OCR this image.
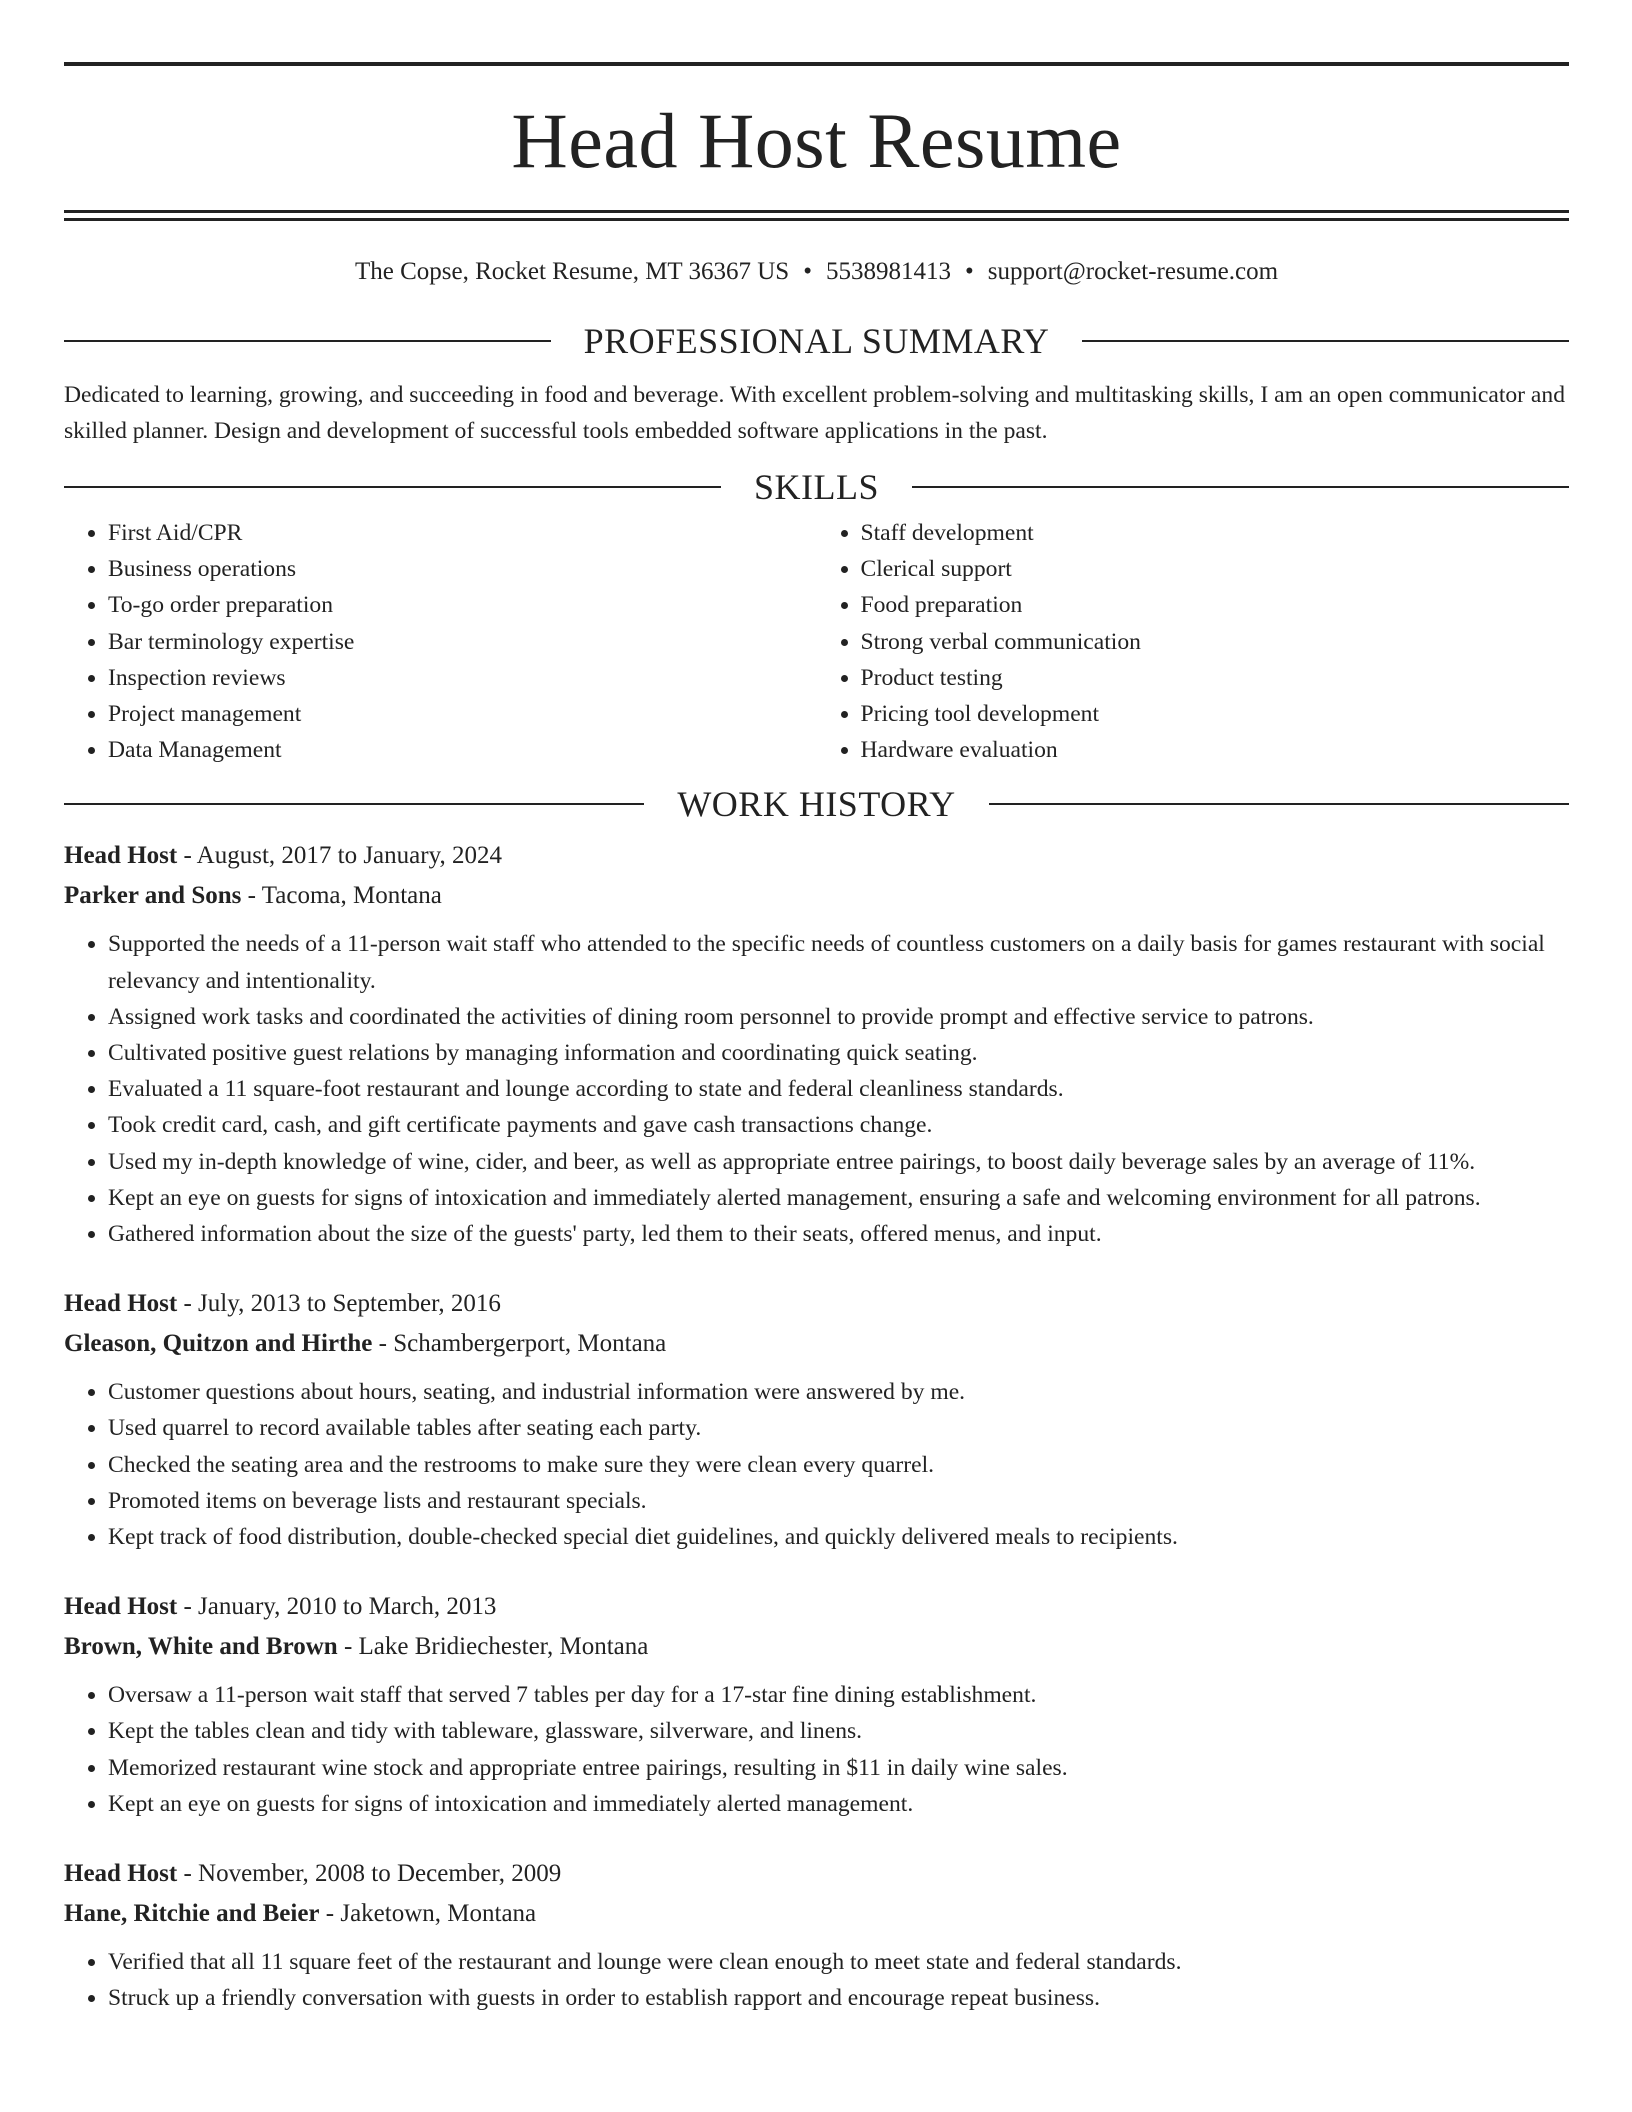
Head Host Resume
The Copse, Rocket Resume, MT 36367 US • 5538981413 • support@rocket-resume.com
PROFESSIONAL SUMMARY

Dedicated to learning, growing, and succeeding in food and beverage. With excellent problem-solving and multitasking skills, I am an open communicator and skilled planner. Design and development of successful tools embedded software applications in the past.

SKILLS
• First Aid/CPR
• Business operations
• To-go order preparation
• Bar terminology expertise
• Inspection reviews
• Project management
• Data Management
• Staff development
• Clerical support
• Food preparation
• Strong verbal communication
• Product testing
• Pricing tool development
• Hardware evaluation
WORK HISTORY
Head Host - August, 2017 to January, 2024
Parker and Sons - Tacoma, Montana
• Supported the needs of a 11-person wait staff who attended to the specific needs of countless customers on a daily basis for games restaurant with social relevancy and intentionality.
• Assigned work tasks and coordinated the activities of dining room personnel to provide prompt and effective service to patrons.
• Cultivated positive guest relations by managing information and coordinating quick seating.
• Evaluated a 11 square-foot restaurant and lounge according to state and federal cleanliness standards.
• Took credit card, cash, and gift certificate payments and gave cash transactions change.
• Used my in-depth knowledge of wine, cider, and beer, as well as appropriate entree pairings, to boost daily beverage sales by an average of 11%.
• Kept an eye on guests for signs of intoxication and immediately alerted management, ensuring a safe and welcoming environment for all patrons.
• Gathered information about the size of the guests' party, led them to their seats, offered menus, and input.
Head Host - July, 2013 to September, 2016
Gleason, Quitzon and Hirthe - Schambergerport, Montana
• Customer questions about hours, seating, and industrial information were answered by me.
• Used quarrel to record available tables after seating each party.
• Checked the seating area and the restrooms to make sure they were clean every quarrel.
• Promoted items on beverage lists and restaurant specials.
• Kept track of food distribution, double-checked special diet guidelines, and quickly delivered meals to recipients.
Head Host - January, 2010 to March, 2013
Brown, White and Brown - Lake Bridiechester, Montana
• Oversaw a 11-person wait staff that served 7 tables per day for a 17-star fine dining establishment.
• Kept the tables clean and tidy with tableware, glassware, silverware, and linens.
• Memorized restaurant wine stock and appropriate entree pairings, resulting in $11 in daily wine sales.
• Kept an eye on guests for signs of intoxication and immediately alerted management.
Head Host - November, 2008 to December, 2009
Hane, Ritchie and Beier - Jaketown, Montana
• Verified that all 11 square feet of the restaurant and lounge were clean enough to meet state and federal standards.
• Struck up a friendly conversation with guests in order to establish rapport and encourage repeat business.
